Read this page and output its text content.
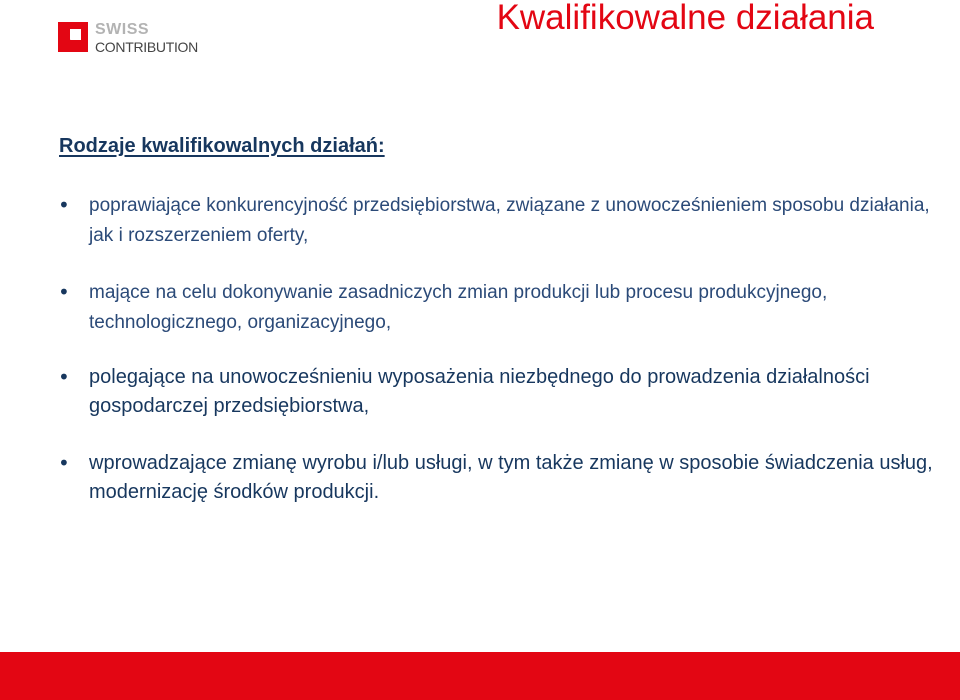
SWISS
CONTRIBUTION
Kwalifikowalne działania
Rodzaje kwalifikowalnych działań:
• poprawiające konkurencyjność przedsiębiorstwa, związane z unowocześnieniem sposobu działania, jak i rozszerzeniem oferty,
• mające na celu dokonywanie zasadniczych zmian produkcji lub procesu produkcyjnego, technologicznego, organizacyjnego,
• polegające na unowocześnieniu wyposażenia niezbędnego do prowadzenia działalności gospodarczej przedsiębiorstwa,
• wprowadzające zmianę wyrobu i/lub usługi, w tym także zmianę w sposobie świadczenia usług, modernizację środków produkcji.
